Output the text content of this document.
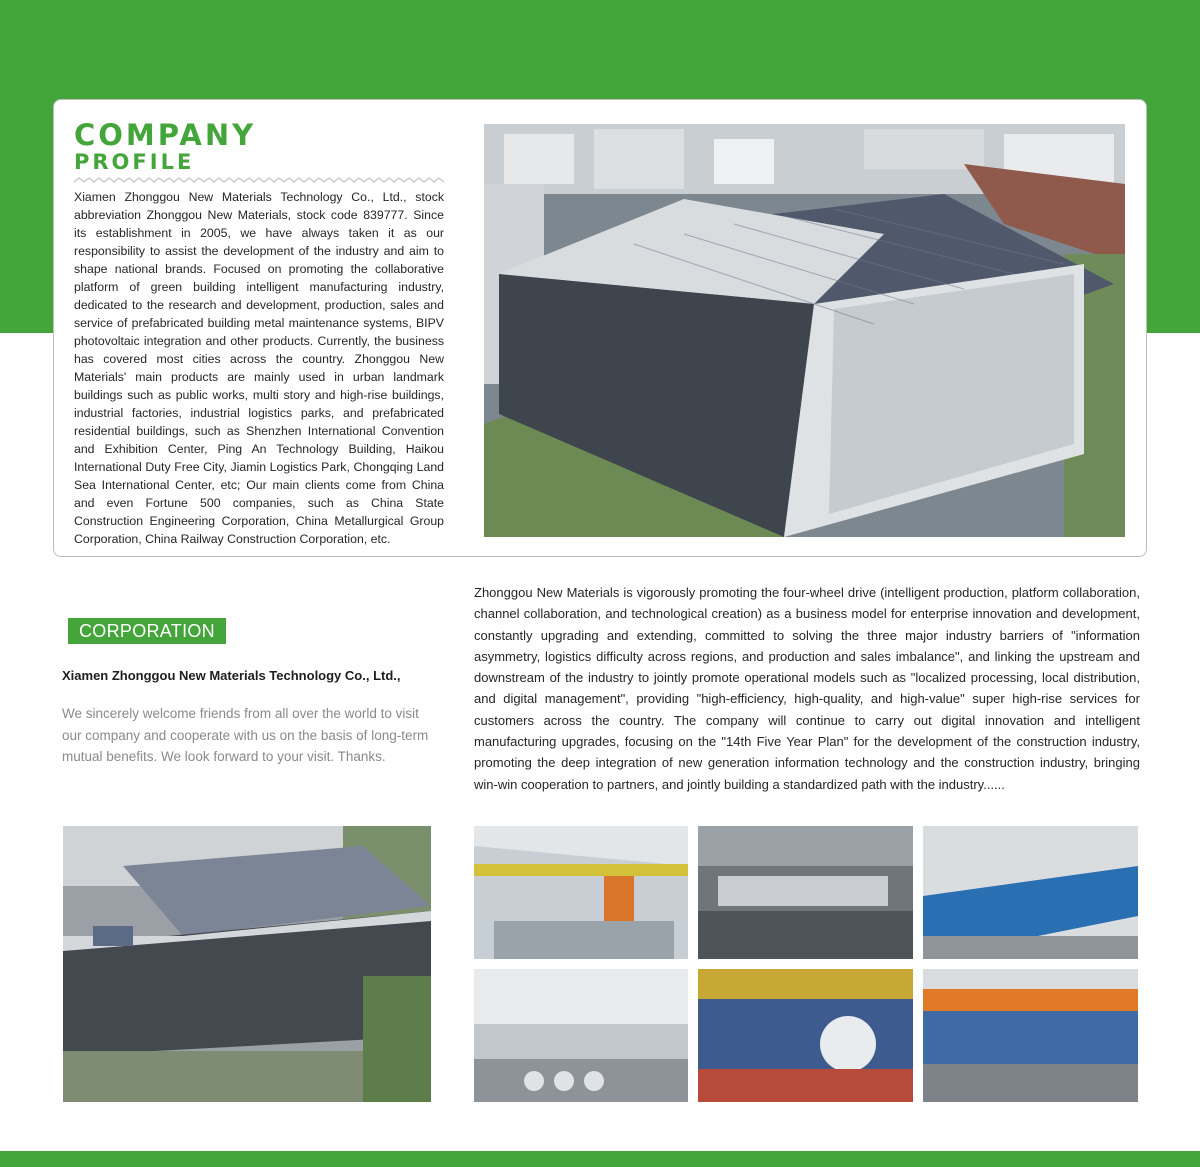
COMPANY
PROFILE

Xiamen Zhonggou New Materials Technology Co., Ltd., stock abbreviation Zhonggou New Materials, stock code 839777. Since its establishment in 2005, we have always taken it as our responsibility to assist the development of the industry and aim to shape national brands. Focused on promoting the collaborative platform of green building intelligent manufacturing industry, dedicated to the research and development, production, sales and service of prefabricated building metal maintenance systems, BIPV photovoltaic integration and other products. Currently, the business has covered most cities across the country. Zhonggou New Materials' main products are mainly used in urban landmark buildings such as public works, multi story and high-rise buildings, industrial factories, industrial logistics parks, and prefabricated residential buildings, such as Shenzhen International Convention and Exhibition Center, Ping An Technology Building, Haikou International Duty Free City, Jiamin Logistics Park, Chongqing Land Sea International Center, etc; Our main clients come from China and even Fortune 500 companies, such as China State Construction Engineering Corporation, China Metallurgical Group Corporation, China Railway Construction Corporation, etc.

CORPORATION

Xiamen Zhonggou New Materials Technology Co., Ltd.,

We sincerely welcome friends from all over the world to visit our company and cooperate with us on the basis of long-term mutual benefits. We look forward to your visit. Thanks.

Zhonggou New Materials is vigorously promoting the four-wheel drive (intelligent production, platform collaboration, channel collaboration, and technological creation) as a business model for enterprise innovation and development, constantly upgrading and extending, committed to solving the three major industry barriers of "information asymmetry, logistics difficulty across regions, and production and sales imbalance", and linking the upstream and downstream of the industry to jointly promote operational models such as "localized processing, local distribution, and digital management", providing "high-efficiency, high-quality, and high-value" super high-rise services for customers across the country. The company will continue to carry out digital innovation and intelligent manufacturing upgrades, focusing on the "14th Five Year Plan" for the development of the construction industry, promoting the deep integration of new generation information technology and the construction industry, bringing win-win cooperation to partners, and jointly building a standardized path with the industry......
